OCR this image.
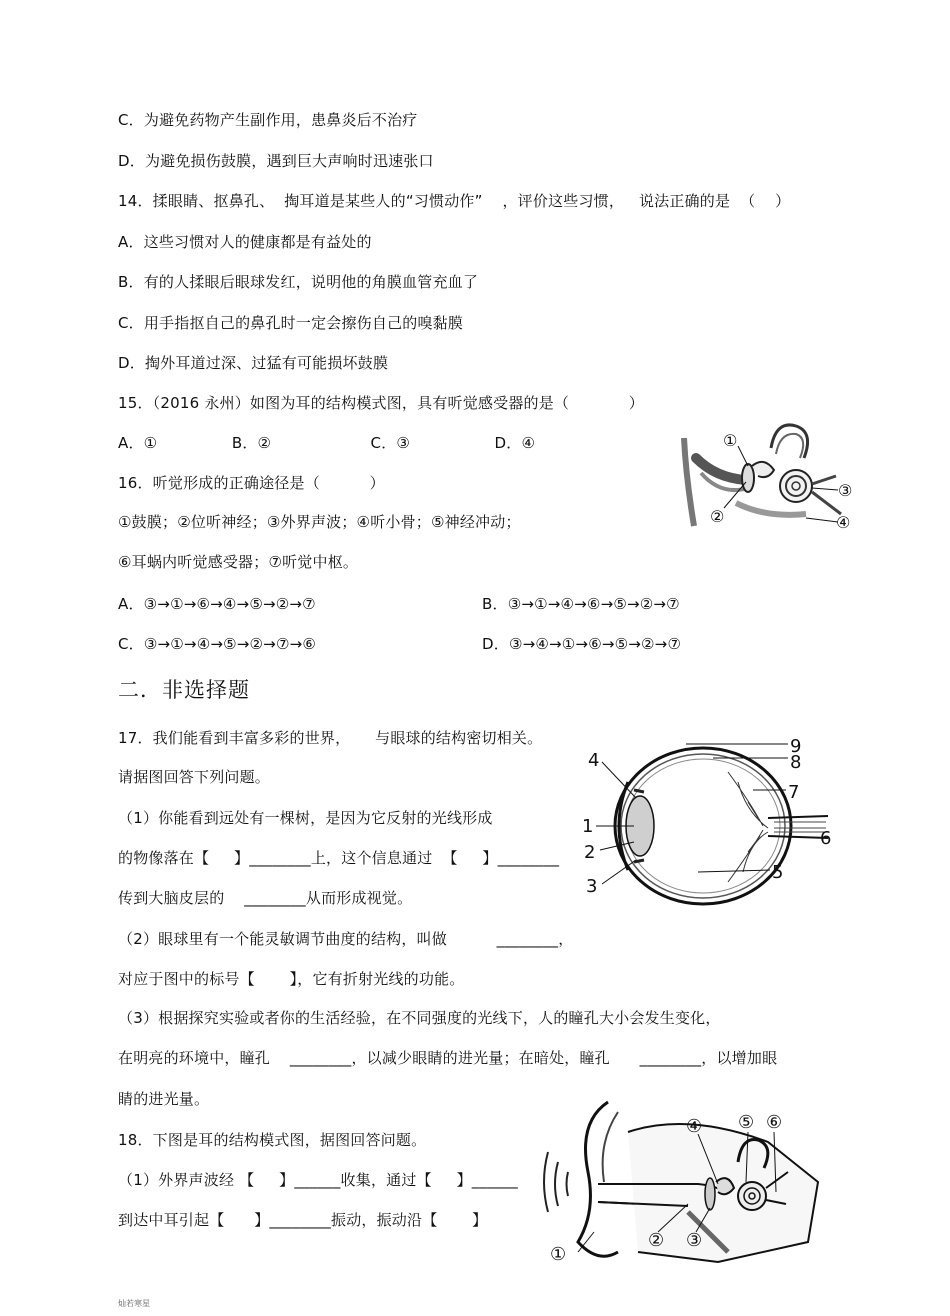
C．为避免药物产生副作用，患鼻炎后不治疗
D．为避免损伤鼓膜，遇到巨大声响时迅速张口
14．揉眼睛、抠鼻孔、  掏耳道是某些人的“习惯动作”    ，评价这些习惯，   说法正确的是  （    ）
A．这些习惯对人的健康都是有益处的
B．有的人揉眼后眼球发红，说明他的角膜血管充血了
C．用手指抠自己的鼻孔时一定会擦伤自己的嗅黏膜
D．掏外耳道过深、过猛有可能损坏鼓膜
15．（2016 永州）如图为耳的结构模式图，具有听觉感受器的是（            ）
A．①               B．②                    C．③                 D．④
16．听觉形成的正确途径是（          ）
①鼓膜；②位听神经；③外界声波；④听小骨；⑤神经冲动；
⑥耳蜗内听觉感受器；⑦听觉中枢。
A．③→①→⑥→④→⑤→②→⑦	B．③→①→④→⑥→⑤→②→⑦
C．③→①→④→⑤→②→⑦→⑥	D．③→④→①→⑥→⑤→②→⑦
二．非选择题
17．我们能看到丰富多彩的世界，     与眼球的结构密切相关。
请据图回答下列问题。
（1）你能看到远处有一棵树，是因为它反射的光线形成
的物像落在【     】________上，这个信息通过  【     】________
传到大脑皮层的    ________从而形成视觉。
（2）眼球里有一个能灵敏调节曲度的结构，叫做          ________，
对应于图中的标号【       】，它有折射光线的功能。
（3）根据探究实验或者你的生活经验，在不同强度的光线下，人的瞳孔大小会发生变化，
在明亮的环境中，瞳孔    ________，以减少眼睛的进光量；在暗处，瞳孔      ________，以增加眼
睛的进光量。
18．下图是耳的结构模式图，据图回答问题。
（1）外界声波经 【     】______收集，通过【     】______
到达中耳引起【      】________振动，振动沿【       】
灿若寒星
①
②
③
④
9
8
4
7
1
6
2
5
3
④ ⑤ ⑥
② ③
①
